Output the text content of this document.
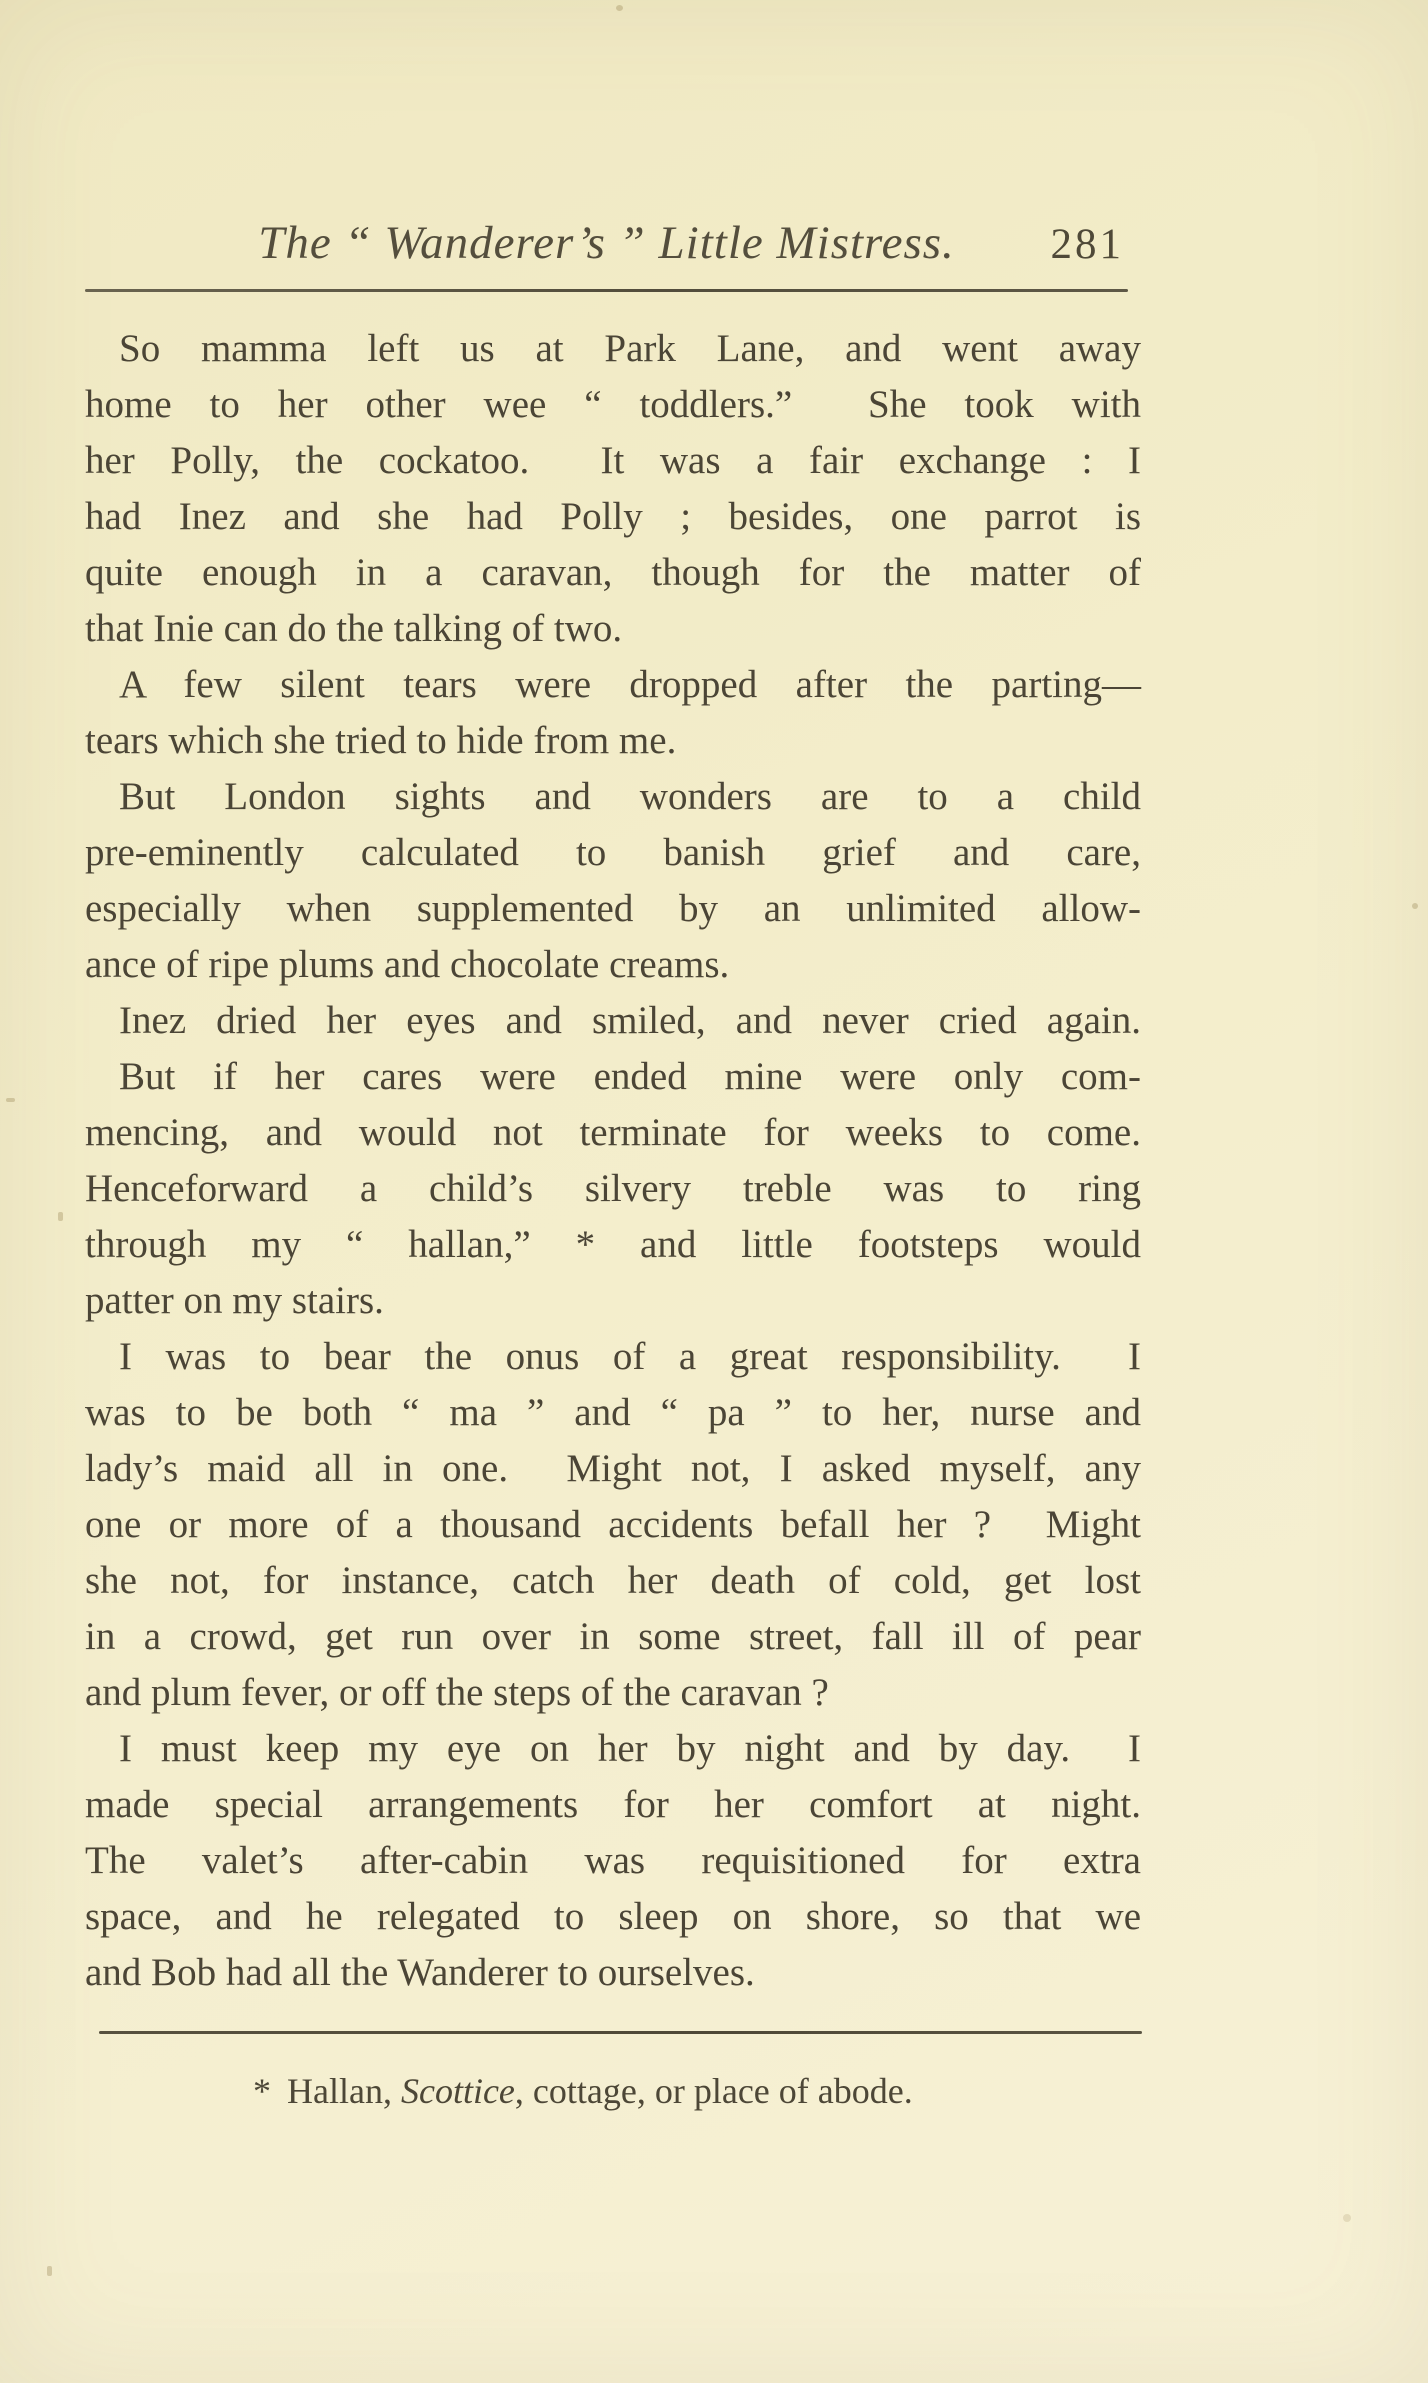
The “ Wanderer’s ” Little Mistress. 281
So mamma left us at Park Lane, and went away
home to her other wee “ toddlers.”  She took with
her Polly, the cockatoo.  It was a fair exchange : I
had Inez and she had Polly ; besides, one parrot is
quite enough in a caravan, though for the matter of
that Inie can do the talking of two.
A few silent tears were dropped after the parting—
tears which she tried to hide from me.
But London sights and wonders are to a child
pre-eminently calculated to banish grief and care,
especially when supplemented by an unlimited allow-
ance of ripe plums and chocolate creams.
Inez dried her eyes and smiled, and never cried again.
But if her cares were ended mine were only com-
mencing, and would not terminate for weeks to come.
Henceforward a child’s silvery treble was to ring
through my “ hallan,” * and little footsteps would
patter on my stairs.
I was to bear the onus of a great responsibility.  I
was to be both “ ma ” and “ pa ” to her, nurse and
lady’s maid all in one.  Might not, I asked myself, any
one or more of a thousand accidents befall her ?  Might
she not, for instance, catch her death of cold, get lost
in a crowd, get run over in some street, fall ill of pear
and plum fever, or off the steps of the caravan ?
I must keep my eye on her by night and by day.  I
made special arrangements for her comfort at night.
The valet’s after-cabin was requisitioned for extra
space, and he relegated to sleep on shore, so that we
and Bob had all the Wanderer to ourselves.
* Hallan, Scottice, cottage, or place of abode.
